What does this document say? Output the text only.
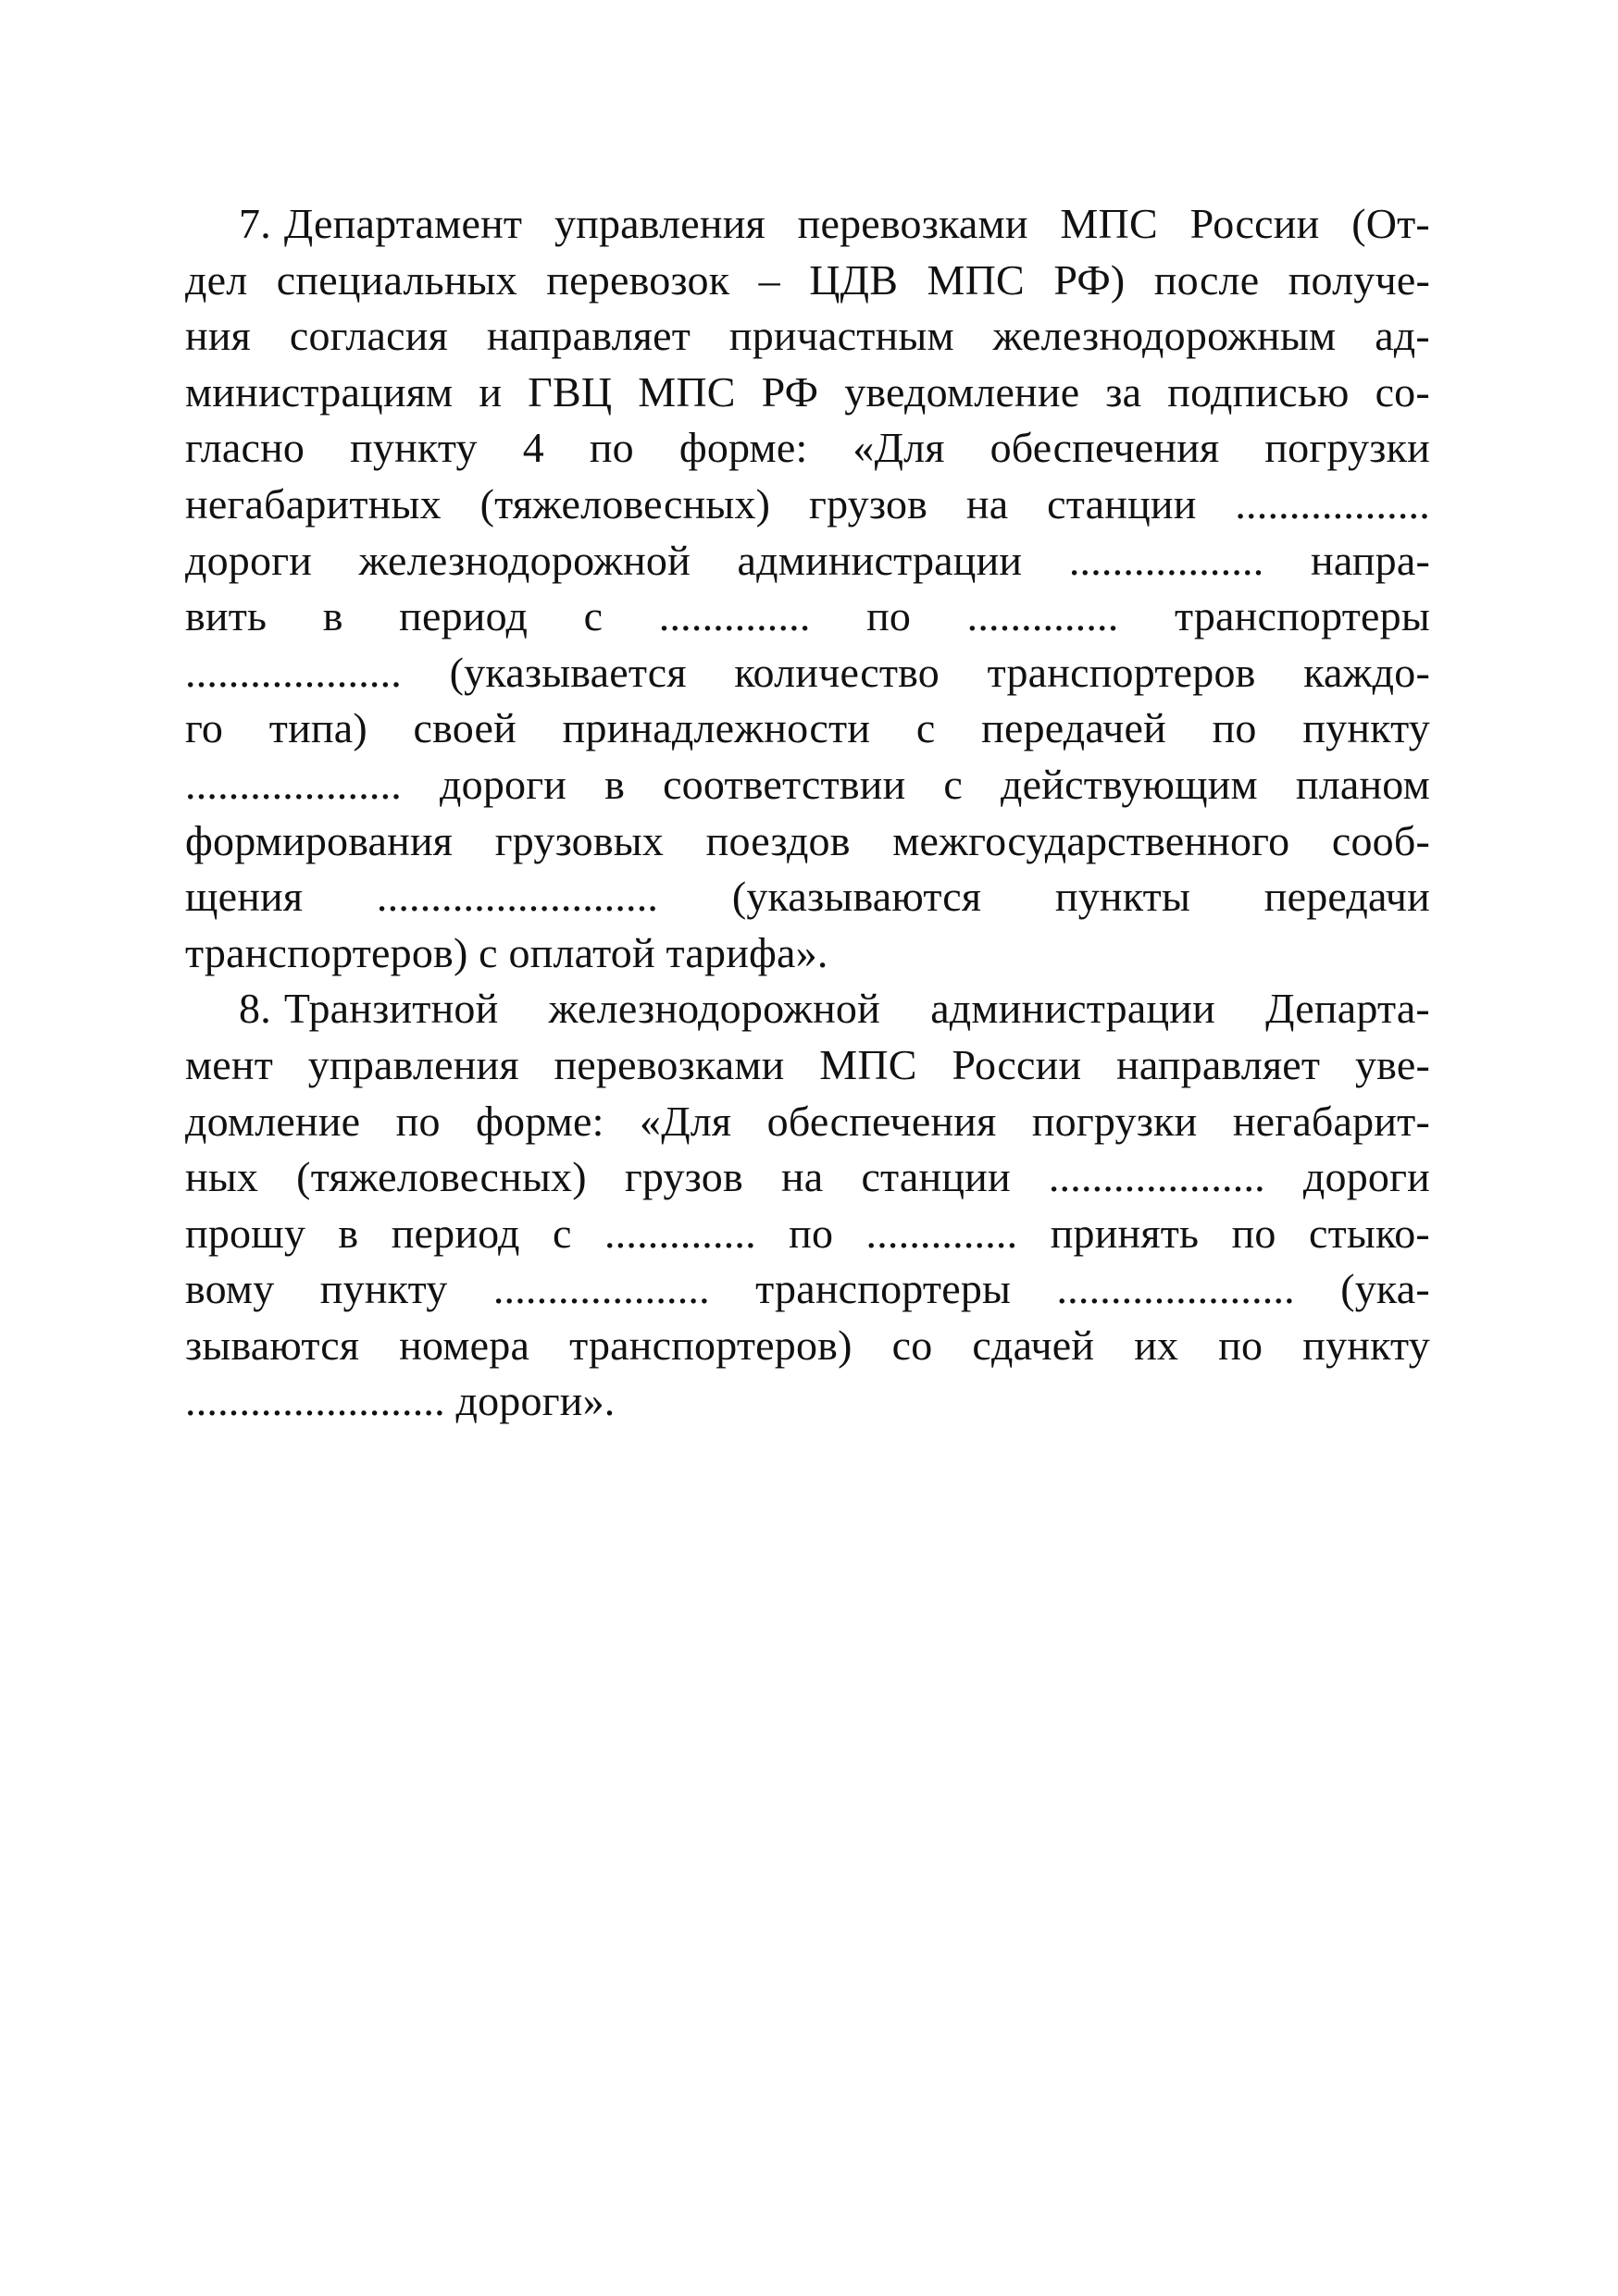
7. Департамент управления перевозками МПС России (От-
дел специальных перевозок – ЦДВ МПС РФ) после получе-
ния согласия направляет причастным железнодорожным ад-
министрациям и ГВЦ МПС РФ уведомление за подписью со-
гласно пункту 4 по форме: «Для обеспечения погрузки
негабаритных (тяжеловесных) грузов на станции ..................
дороги железнодорожной администрации .................. напра-
вить в период с .............. по .............. транспортеры
.................... (указывается количество транспортеров каждо-
го типа) своей принадлежности с передачей по пункту
.................... дороги в соответствии с действующим планом
формирования грузовых поездов межгосударственного сооб-
щения .......................... (указываются пункты передачи
транспортеров) с оплатой тарифа».
8. Транзитной железнодорожной администрации Департа-
мент управления перевозками МПС России направляет уве-
домление по форме: «Для обеспечения погрузки негабарит-
ных (тяжеловесных) грузов на станции .................... дороги
прошу в период с .............. по .............. принять по стыко-
вому пункту .................... транспортеры ...................... (ука-
зываются номера транспортеров) со сдачей их по пункту
........................ дороги».
